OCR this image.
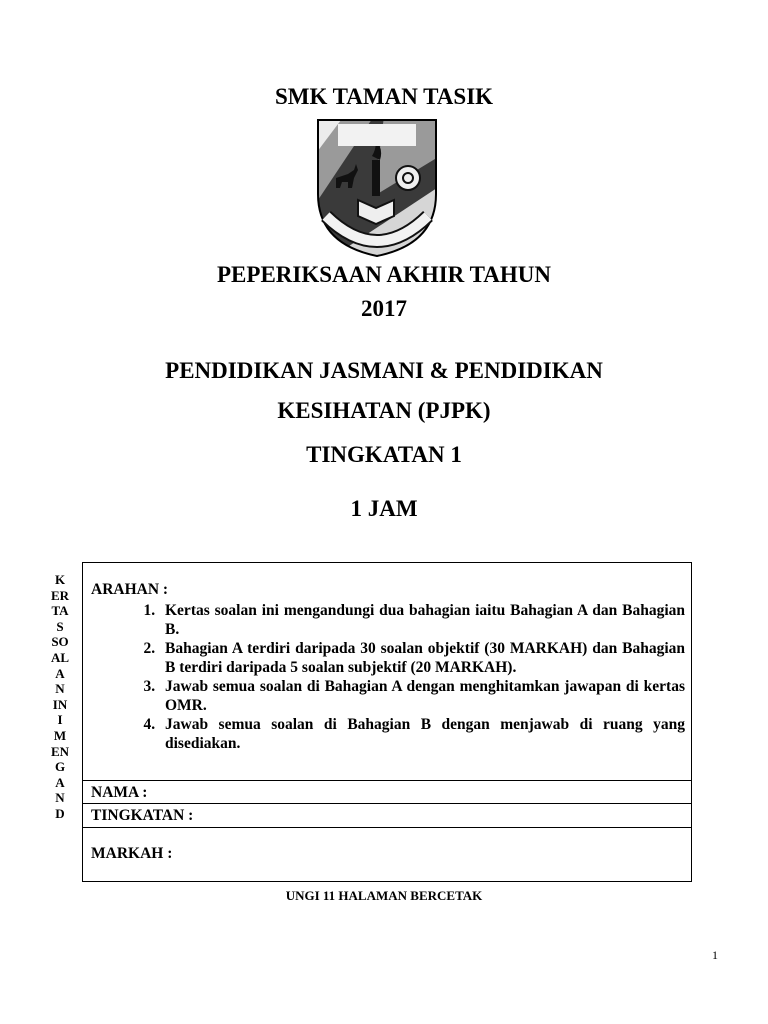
SMK TAMAN TASIK
PEPERIKSAAN AKHIR TAHUN
2017
PENDIDIKAN JASMANI & PENDIDIKAN
KESIHATAN (PJPK)
TINGKATAN 1
1 JAM
K
ER
TA
S
SO
AL
A
N
IN
I
M
EN
G
A
N
D
ARAHAN :
1. Kertas soalan ini mengandungi dua bahagian iaitu Bahagian A dan Bahagian B.
2. Bahagian A terdiri daripada 30 soalan objektif (30 MARKAH) dan Bahagian B terdiri daripada 5 soalan subjektif (20 MARKAH).
3. Jawab semua soalan di Bahagian A dengan menghitamkan jawapan di kertas OMR.
4. Jawab semua soalan di Bahagian B dengan menjawab di ruang yang disediakan.
NAMA :
TINGKATAN :
MARKAH :
UNGI 11 HALAMAN BERCETAK
1
